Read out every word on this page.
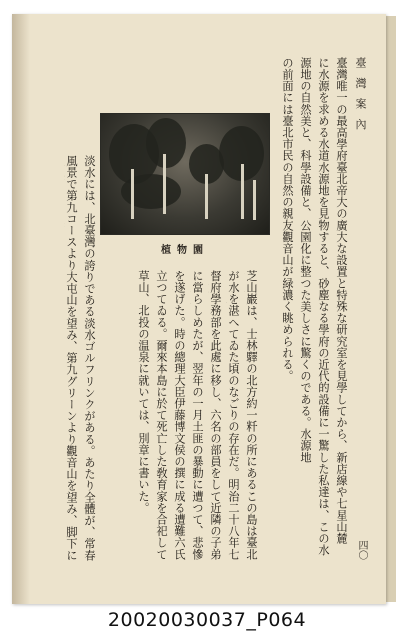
臺 灣 案 內
植物園	臺灣唯一の最高學府臺北帝大の廣大な設置と特殊な研究室を見學してから、新店線や七星山麓
に水源を求める水道水源地を見物すると、砂塵なる學府の近代的設備に一驚した私達は、この水
源地の自然美と、科學設備と、公園化に整つた美しさに驚くのである。水源地
の前面には臺北市民の自然の親友觀音山が緑濃く眺められる。
芝山巖は、士林驛の北方約一粁の所にあるこの島は臺北
が水を湛へてゐた頃のなごりの存在だ。明治二十八年七
督府學務部を此處に移し、六名の部員をして近隣の子弟
に當らしめたが、翌年の一月土匪の暴動に遭つて、悲慘
を遂げた。時の總理大臣伊藤博文侯の撰に成る遭難六氏
立つてゐる。爾來本島に於て死亡した敎育家を合祀して
草山、北投の温泉に就いては、別章に書いた。
淡水には、北臺灣の誇りである淡水ゴルフリンクがある。あたり全體が、常春
風景で第九コースより大屯山を望み、第九グリーンより觀音山を望み、脚下に	四〇
20020030037_P064
